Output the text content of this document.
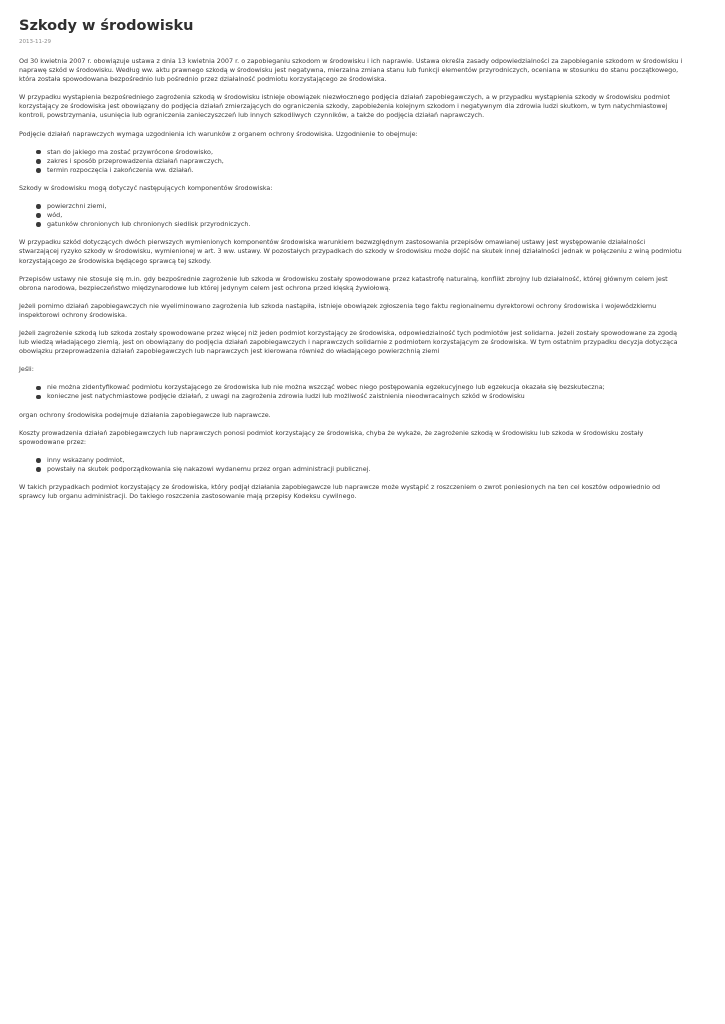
Szkody w środowisku
2013-11-29

Od 30 kwietnia 2007 r. obowiązuje ustawa z dnia 13 kwietnia 2007 r. o zapobieganiu szkodom w środowisku i ich naprawie. Ustawa określa zasady odpowiedzialności za zapobieganie szkodom w środowisku i naprawę szkód w środowisku. Według ww. aktu prawnego szkodą w środowisku jest negatywna, mierzalna zmiana stanu lub funkcji elementów przyrodniczych, oceniana w stosunku do stanu początkowego, która została spowodowana bezpośrednio lub pośrednio przez działalność podmiotu korzystającego ze środowiska.

W przypadku wystąpienia bezpośredniego zagrożenia szkodą w środowisku istnieje obowiązek niezwłocznego podjęcia działań zapobiegawczych, a w przypadku wystąpienia szkody w środowisku podmiot korzystający ze środowiska jest obowiązany do podjęcia działań zmierzających do ograniczenia szkody, zapobieżenia kolejnym szkodom i negatywnym dla zdrowia ludzi skutkom, w tym natychmiastowej kontroli, powstrzymania, usunięcia lub ograniczenia zanieczyszczeń lub innych szkodliwych czynników, a także do podjęcia działań naprawczych.

Podjęcie działań naprawczych wymaga uzgodnienia ich warunków z organem ochrony środowiska. Uzgodnienie to obejmuje:

stan do jakiego ma zostać przywrócone środowisko,
zakres i sposób przeprowadzenia działań naprawczych,
termin rozpoczęcia i zakończenia ww. działań.

Szkody w środowisku mogą dotyczyć następujących komponentów środowiska:

powierzchni ziemi,
wód,
gatunków chronionych lub chronionych siedlisk przyrodniczych.

W przypadku szkód dotyczących dwóch pierwszych wymienionych komponentów środowiska warunkiem bezwzględnym zastosowania przepisów omawianej ustawy jest występowanie działalności stwarzającej ryzyko szkody w środowisku, wymienionej w art. 3 ww. ustawy. W pozostałych przypadkach do szkody w środowisku może dojść na skutek innej działalności jednak w połączeniu z winą podmiotu korzystającego ze środowiska będącego sprawcą tej szkody.

Przepisów ustawy nie stosuje się m.in. gdy bezpośrednie zagrożenie lub szkoda w środowisku zostały spowodowane przez katastrofę naturalną, konflikt zbrojny lub działalność, której głównym celem jest obrona narodowa, bezpieczeństwo międzynarodowe lub której jedynym celem jest ochrona przed klęską żywiołową.

Jeżeli pomimo działań zapobiegawczych nie wyeliminowano zagrożenia lub szkoda nastąpiła, istnieje obowiązek zgłoszenia tego faktu regionalnemu dyrektorowi ochrony środowiska i wojewódzkiemu inspektorowi ochrony środowiska.

Jeżeli zagrożenie szkodą lub szkoda zostały spowodowane przez więcej niż jeden podmiot korzystający ze środowiska, odpowiedzialność tych podmiotów jest solidarna. Jeżeli zostały spowodowane za zgodą lub wiedzą władającego ziemią, jest on obowiązany do podjęcia działań zapobiegawczych i naprawczych solidarnie z podmiotem korzystającym ze środowiska. W tym ostatnim przypadku decyzja dotycząca obowiązku przeprowadzenia działań zapobiegawczych lub naprawczych jest kierowana również do władającego powierzchnią ziemi

Jeśli:

nie można zidentyfikować podmiotu korzystającego ze środowiska lub nie można wszcząć wobec niego postępowania egzekucyjnego lub egzekucja okazała się bezskuteczna;
konieczne jest natychmiastowe podjęcie działań, z uwagi na zagrożenia zdrowia ludzi lub możliwość zaistnienia nieodwracalnych szkód w środowisku

organ ochrony środowiska podejmuje działania zapobiegawcze lub naprawcze.

Koszty prowadzenia działań zapobiegawczych lub naprawczych ponosi podmiot korzystający ze środowiska, chyba że wykaże, że zagrożenie szkodą w środowisku lub szkoda w środowisku zostały spowodowane przez:

inny wskazany podmiot,
powstały na skutek podporządkowania się nakazowi wydanemu przez organ administracji publicznej.

W takich przypadkach podmiot korzystający ze środowiska, który podjął działania zapobiegawcze lub naprawcze może wystąpić z roszczeniem o zwrot poniesionych na ten cel kosztów odpowiednio od sprawcy lub organu administracji. Do takiego roszczenia zastosowanie mają przepisy Kodeksu cywilnego.
